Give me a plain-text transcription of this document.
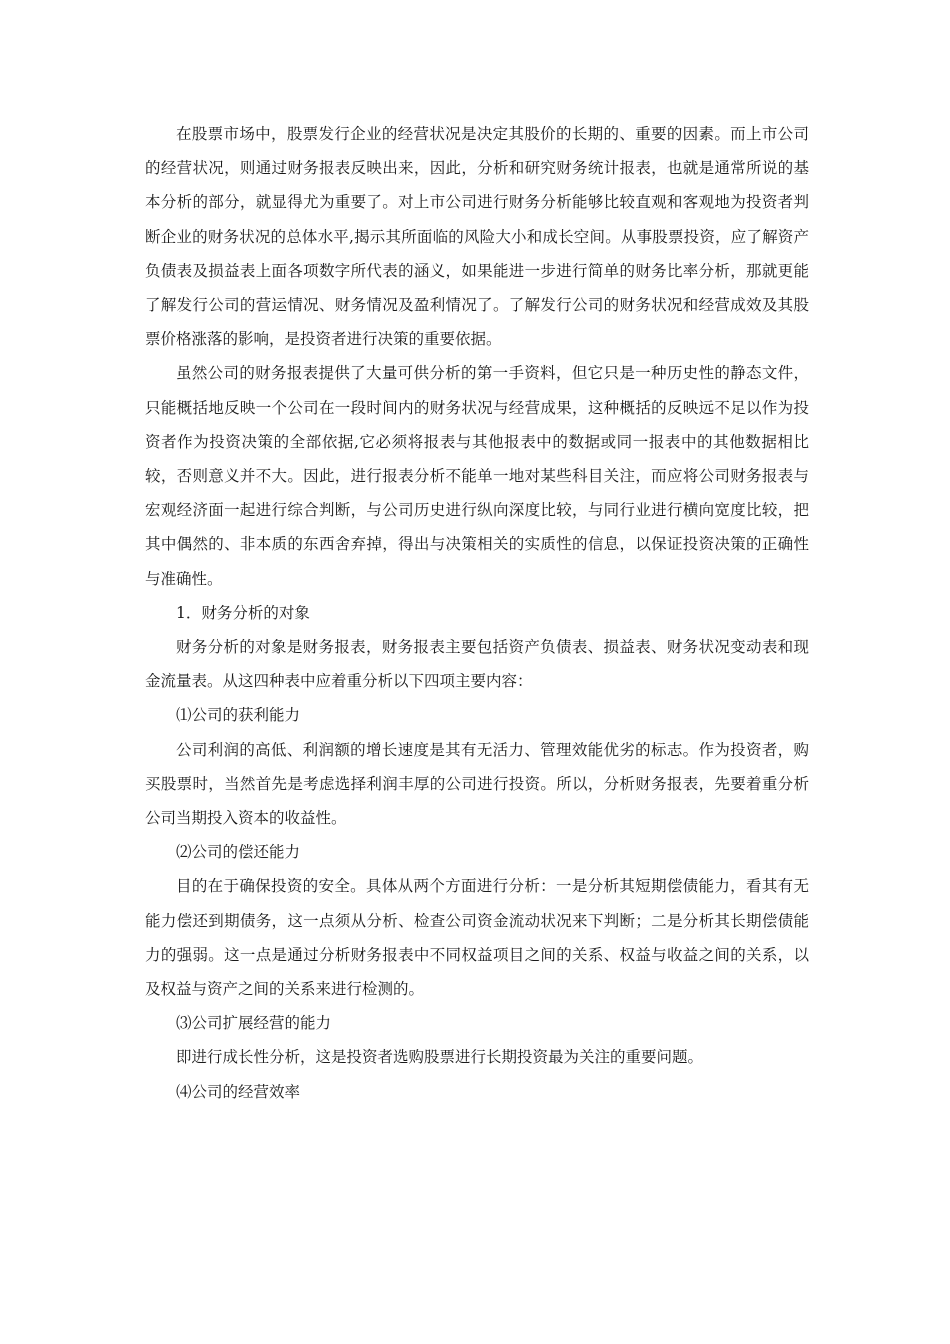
在股票市场中，股票发行企业的经营状况是决定其股价的长期的、重要的因素。而上市公司的经营状况，则通过财务报表反映出来，因此，分析和研究财务统计报表，也就是通常所说的基本分析的部分，就显得尤为重要了。对上市公司进行财务分析能够比较直观和客观地为投资者判断企业的财务状况的总体水平,揭示其所面临的风险大小和成长空间。从事股票投资，应了解资产负债表及损益表上面各项数字所代表的涵义，如果能进一步进行简单的财务比率分析，那就更能了解发行公司的营运情况、财务情况及盈利情况了。了解发行公司的财务状况和经营成效及其股票价格涨落的影响，是投资者进行决策的重要依据。

虽然公司的财务报表提供了大量可供分析的第一手资料，但它只是一种历史性的静态文件，只能概括地反映一个公司在一段时间内的财务状况与经营成果，这种概括的反映远不足以作为投资者作为投资决策的全部依据,它必须将报表与其他报表中的数据或同一报表中的其他数据相比较，否则意义并不大。因此，进行报表分析不能单一地对某些科目关注，而应将公司财务报表与宏观经济面一起进行综合判断，与公司历史进行纵向深度比较，与同行业进行横向宽度比较，把其中偶然的、非本质的东西舍弃掉，得出与决策相关的实质性的信息，以保证投资决策的正确性与准确性。

1．财务分析的对象

财务分析的对象是财务报表，财务报表主要包括资产负债表、损益表、财务状况变动表和现金流量表。从这四种表中应着重分析以下四项主要内容：

⑴公司的获利能力

公司利润的高低、利润额的增长速度是其有无活力、管理效能优劣的标志。作为投资者，购买股票时，当然首先是考虑选择利润丰厚的公司进行投资。所以，分析财务报表，先要着重分析公司当期投入资本的收益性。

⑵公司的偿还能力

目的在于确保投资的安全。具体从两个方面进行分析：一是分析其短期偿债能力，看其有无能力偿还到期债务，这一点须从分析、检查公司资金流动状况来下判断；二是分析其长期偿债能力的强弱。这一点是通过分析财务报表中不同权益项目之间的关系、权益与收益之间的关系，以及权益与资产之间的关系来进行检测的。

⑶公司扩展经营的能力

即进行成长性分析，这是投资者选购股票进行长期投资最为关注的重要问题。

⑷公司的经营效率
